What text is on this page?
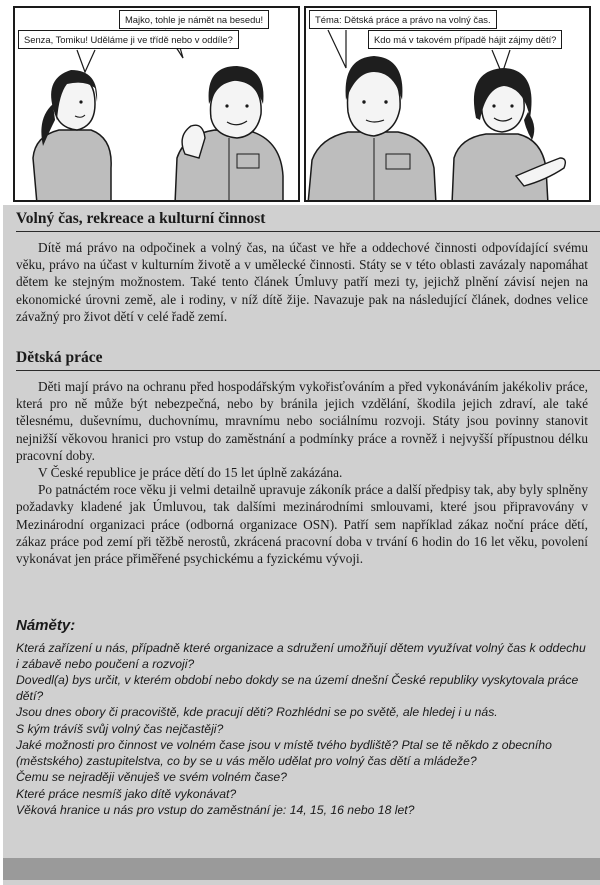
Majko, tohle je námět na besedu!
Senza, Tomiku! Uděláme ji ve třídě nebo v oddíle?
Téma: Dětská práce a právo na volný čas.
Kdo má v takovém případě hájit zájmy dětí?
Volný čas, rekreace a kulturní činnost

Dítě má právo na odpočinek a volný čas, na účast ve hře a oddechové činnosti odpovídající svému věku, právo na účast v kulturním životě a v umělecké činnosti. Státy se v této oblasti zavázaly napomáhat dětem ke stejným možnostem. Také tento článek Úmluvy patří mezi ty, jejichž plnění závisí nejen na ekonomické úrovni země, ale i rodiny, v níž dítě žije. Navazuje pak na následující článek, dodnes velice závažný pro život dětí v celé řadě zemí.

Dětská práce

Děti mají právo na ochranu před hospodářským vykořisťováním a před vykonáváním jakékoliv práce, která pro ně může být nebezpečná, nebo by bránila jejich vzdělání, škodila jejich zdraví, ale také tělesnému, duševnímu, duchovnímu, mravnímu nebo sociálnímu rozvoji. Státy jsou povinny stanovit nejnižší věkovou hranici pro vstup do zaměstnání a podmínky práce a rovněž i nejvyšší přípustnou délku pracovní doby.

V České republice je práce dětí do 15 let úplně zakázána.

Po patnáctém roce věku ji velmi detailně upravuje zákoník práce a další předpisy tak, aby byly splněny požadavky kladené jak Úmluvou, tak dalšími mezinárodními smlouvami, které jsou připravovány v Mezinárodní organizaci práce (odborná organizace OSN). Patří sem například zákaz noční práce dětí, zákaz práce pod zemí při těžbě nerostů, zkrácená pracovní doba v trvání 6 hodin do 16 let věku, povolení vykonávat jen práce přiměřené psychickému a fyzickému vývoji.

Náměty:
Která zařízení u nás, případně které organizace a sdružení umožňují dětem využívat volný čas k oddechu i zábavě nebo poučení a rozvoji?
Dovedl(a) bys určit, v kterém období nebo dokdy se na území dnešní České republiky vyskytovala práce dětí?
Jsou dnes obory či pracoviště, kde pracují děti? Rozhlédni se po světě, ale hledej i u nás.
S kým trávíš svůj volný čas nejčastěji?
Jaké možnosti pro činnost ve volném čase jsou v místě tvého bydliště? Ptal se tě někdo z obecního (městského) zastupitelstva, co by se u vás mělo udělat pro volný čas dětí a mládeže?
Čemu se nejraději věnuješ ve svém volném čase?
Které práce nesmíš jako dítě vykonávat?
Věková hranice u nás pro vstup do zaměstnání je: 14, 15, 16 nebo 18 let?
